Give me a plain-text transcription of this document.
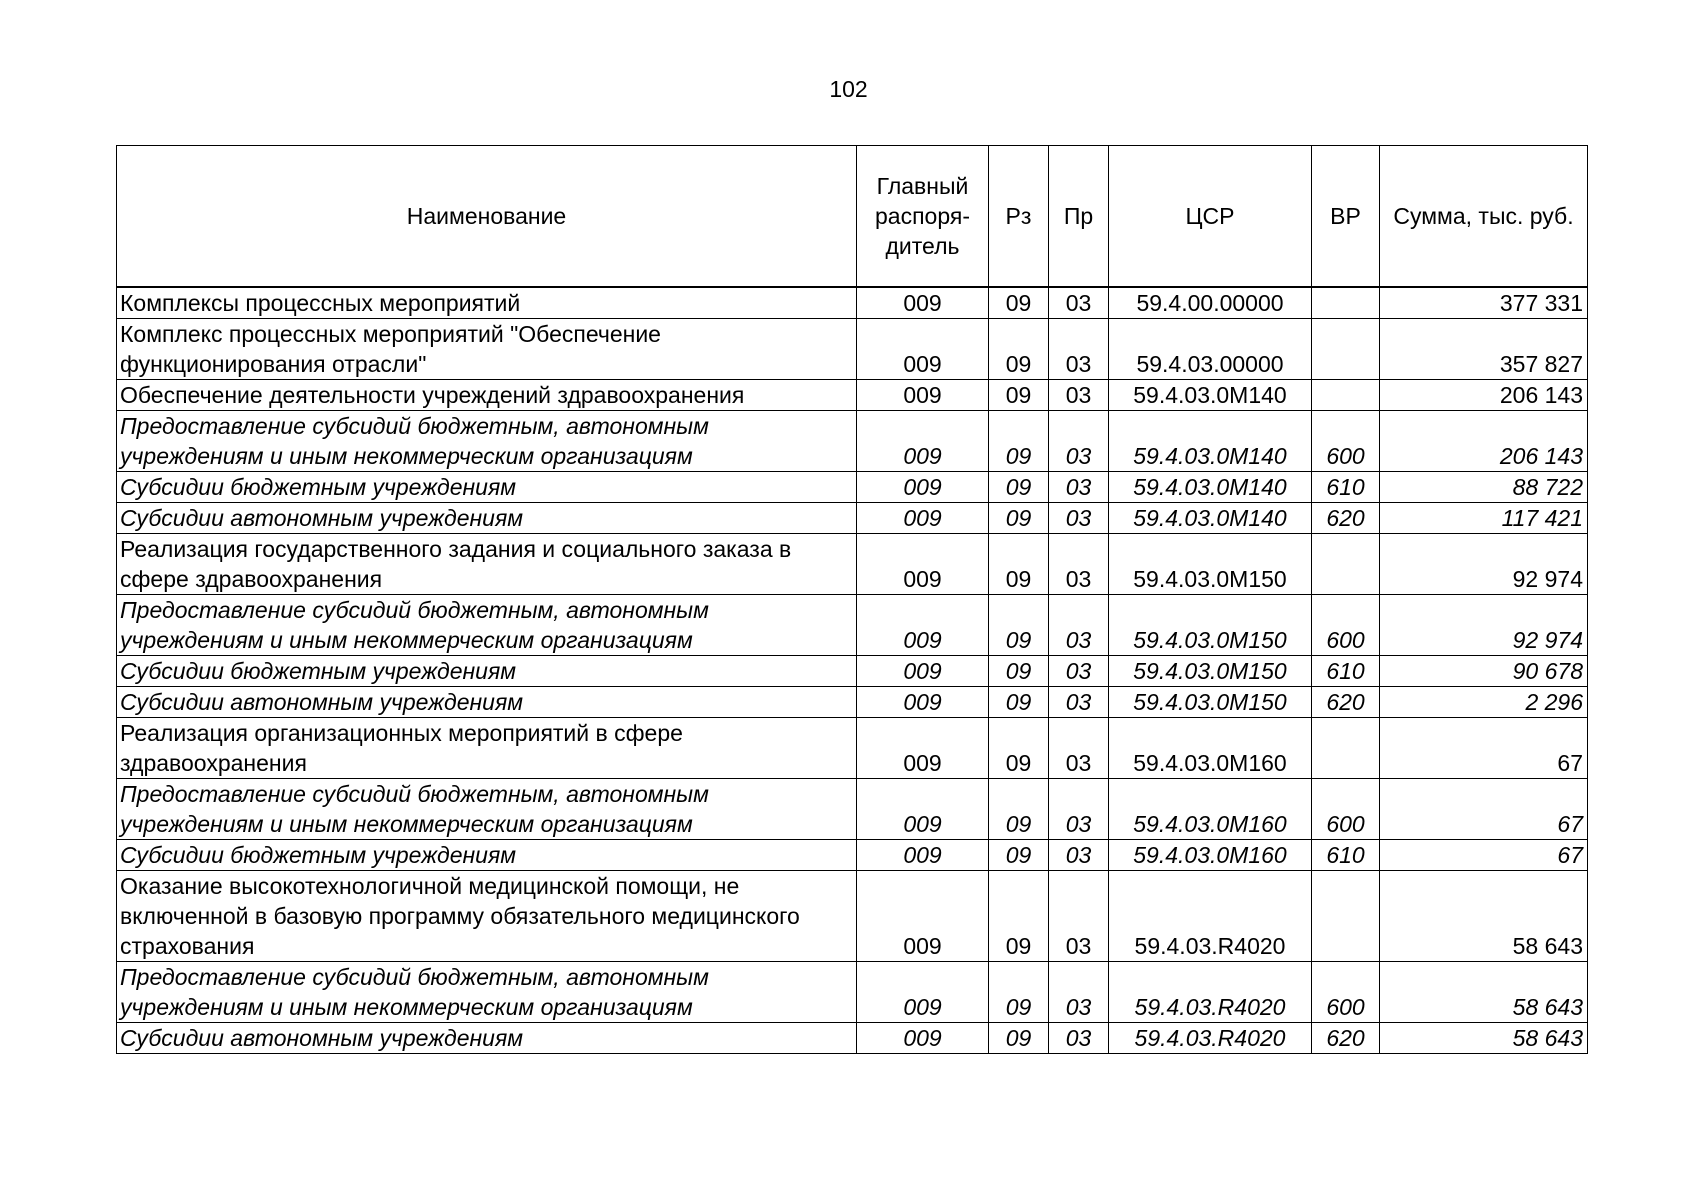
102
Наименование	Главный распоря- дитель	Рз	Пр	ЦСР	ВР	Сумма, тыс. руб.
Комплексы процессных мероприятий	009	09	03	59.4.00.00000		377 331
Комплекс процессных мероприятий "Обеспечение функционирования отрасли"	009	09	03	59.4.03.00000		357 827
Обеспечение деятельности учреждений здравоохранения	009	09	03	59.4.03.0М140		206 143
Предоставление субсидий бюджетным, автономным учреждениям и иным некоммерческим организациям	009	09	03	59.4.03.0М140	600	206 143
Субсидии бюджетным учреждениям	009	09	03	59.4.03.0М140	610	88 722
Субсидии автономным учреждениям	009	09	03	59.4.03.0М140	620	117 421
Реализация государственного задания и социального заказа в сфере здравоохранения	009	09	03	59.4.03.0М150		92 974
Предоставление субсидий бюджетным, автономным учреждениям и иным некоммерческим организациям	009	09	03	59.4.03.0М150	600	92 974
Субсидии бюджетным учреждениям	009	09	03	59.4.03.0М150	610	90 678
Субсидии автономным учреждениям	009	09	03	59.4.03.0М150	620	2 296
Реализация организационных мероприятий в сфере здравоохранения	009	09	03	59.4.03.0М160		67
Предоставление субсидий бюджетным, автономным учреждениям и иным некоммерческим организациям	009	09	03	59.4.03.0М160	600	67
Субсидии бюджетным учреждениям	009	09	03	59.4.03.0М160	610	67
Оказание высокотехнологичной медицинской помощи, не включенной в базовую программу обязательного медицинского страхования	009	09	03	59.4.03.R4020		58 643
Предоставление субсидий бюджетным, автономным учреждениям и иным некоммерческим организациям	009	09	03	59.4.03.R4020	600	58 643
Субсидии автономным учреждениям	009	09	03	59.4.03.R4020	620	58 643
